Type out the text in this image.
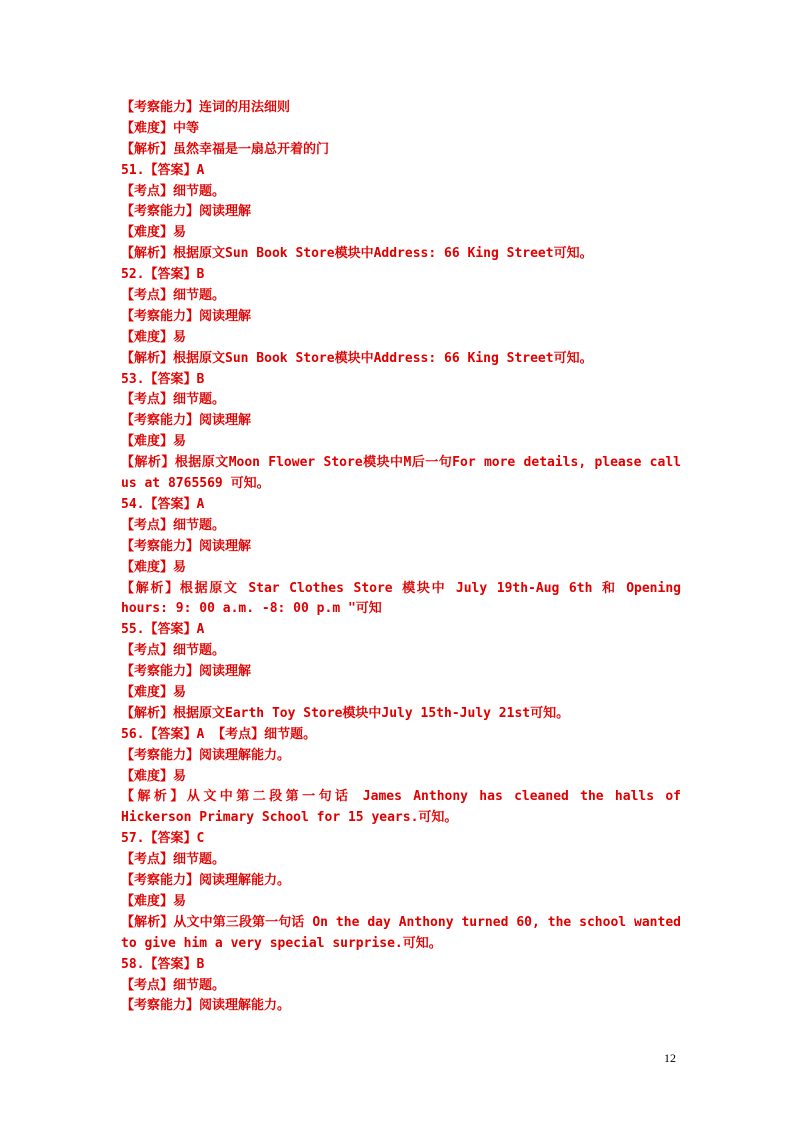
【考察能力】连词的用法细则
【难度】中等
【解析】虽然幸福是一扇总开着的门
51.【答案】A
【考点】细节题。
【考察能力】阅读理解
【难度】易
【解析】根据原文Sun Book Store模块中Address: 66 King Street可知。
52.【答案】B
【考点】细节题。
【考察能力】阅读理解
【难度】易
【解析】根据原文Sun Book Store模块中Address: 66 King Street可知。
53.【答案】B
【考点】细节题。
【考察能力】阅读理解
【难度】易
【解析】根据原文Moon Flower Store模块中M后一句For more details, please call us at 8765569 可知。
54.【答案】A
【考点】细节题。
【考察能力】阅读理解
【难度】易
【解析】根据原文 Star Clothes Store 模块中 July 19th-Aug 6th 和 Opening hours: 9: 00 a.m. -8: 00 p.m "可知
55.【答案】A
【考点】细节题。
【考察能力】阅读理解
【难度】易
【解析】根据原文Earth Toy Store模块中July 15th-July 21st可知。
56.【答案】A 【考点】细节题。
【考察能力】阅读理解能力。
【难度】易
【解析】从文中第二段第一句话 James Anthony has cleaned the halls of Hickerson Primary School for 15 years.可知。
57.【答案】C
【考点】细节题。
【考察能力】阅读理解能力。
【难度】易
【解析】从文中第三段第一句话 On the day Anthony turned 60, the school wanted to give him a very special surprise.可知。
58.【答案】B
【考点】细节题。
【考察能力】阅读理解能力。
12
